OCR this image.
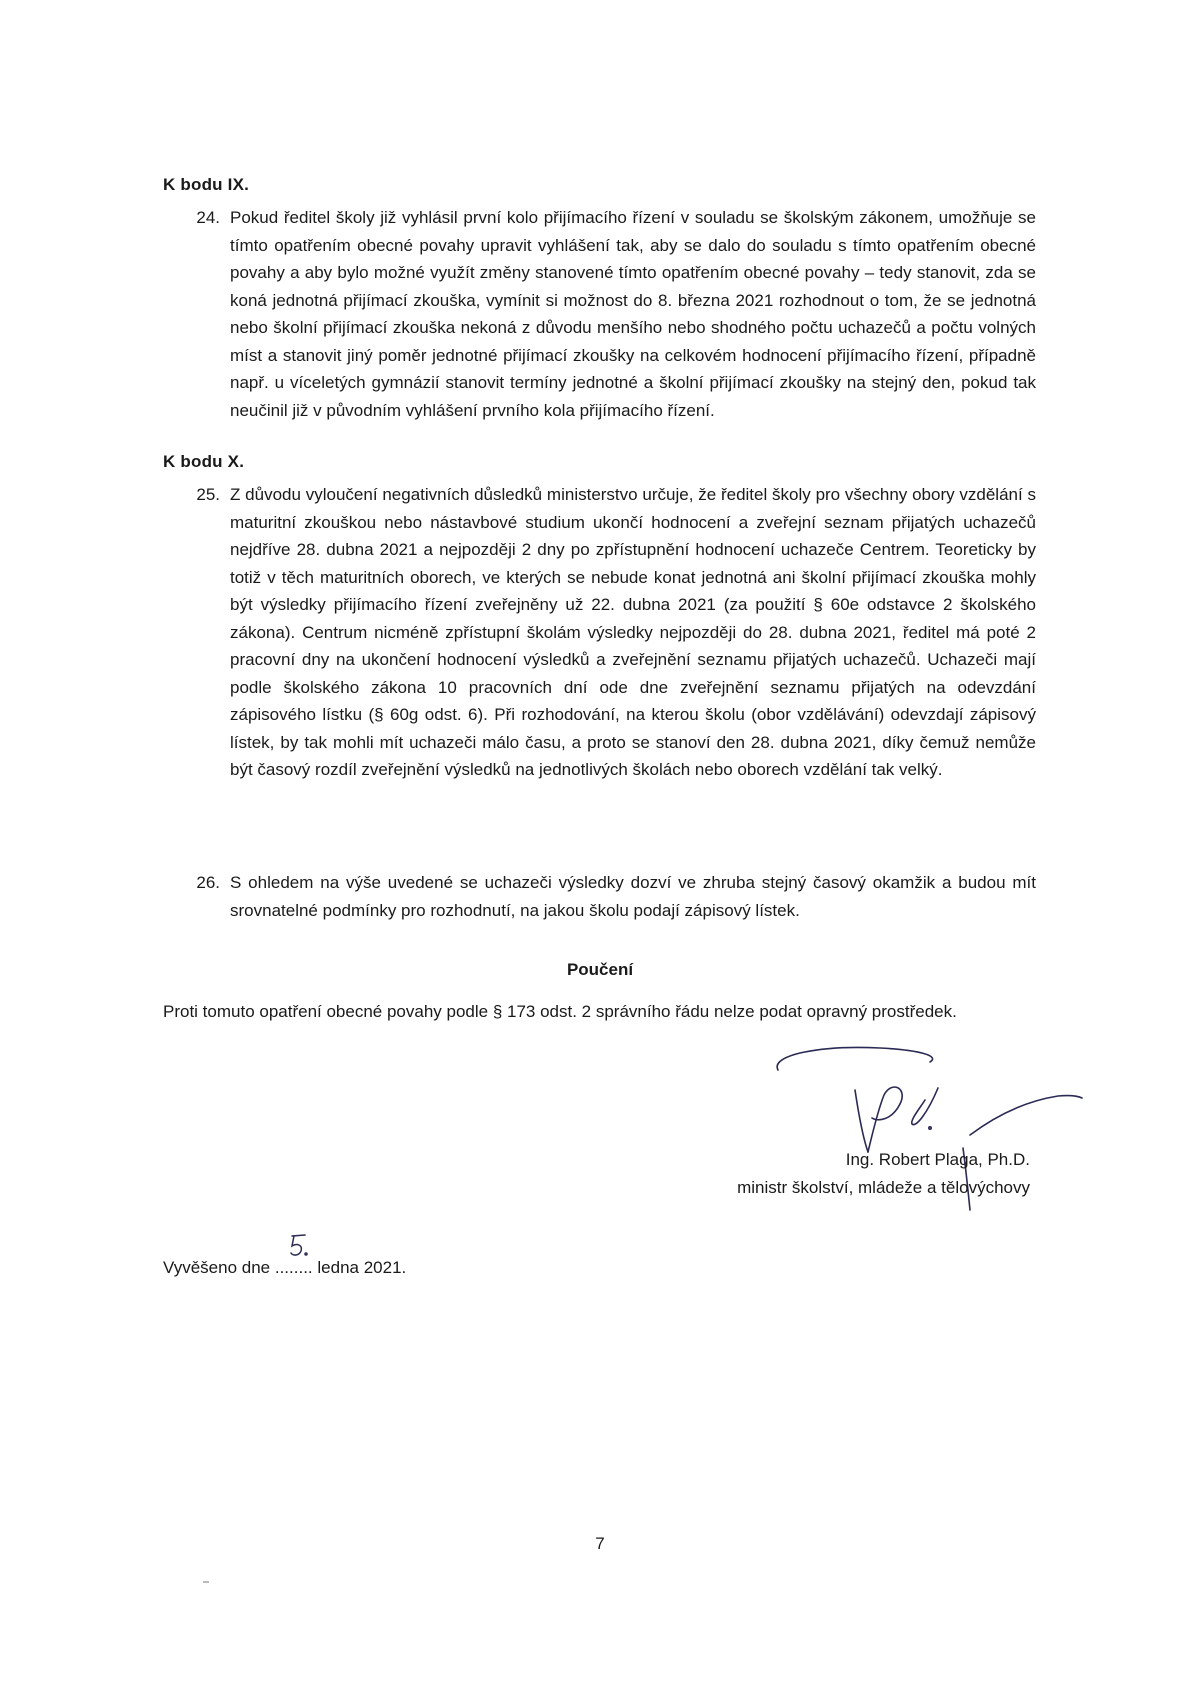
K bodu IX.
24. Pokud ředitel školy již vyhlásil první kolo přijímacího řízení v souladu se školským zákonem, umožňuje se tímto opatřením obecné povahy upravit vyhlášení tak, aby se dalo do souladu s tímto opatřením obecné povahy a aby bylo možné využít změny stanovené tímto opatřením obecné povahy – tedy stanovit, zda se koná jednotná přijímací zkouška, vymínit si možnost do 8. března 2021 rozhodnout o tom, že se jednotná nebo školní přijímací zkouška nekoná z důvodu menšího nebo shodného počtu uchazečů a počtu volných míst a stanovit jiný poměr jednotné přijímací zkoušky na celkovém hodnocení přijímacího řízení, případně např. u víceletých gymnázií stanovit termíny jednotné a školní přijímací zkoušky na stejný den, pokud tak neučinil již v původním vyhlášení prvního kola přijímacího řízení.
K bodu X.
25. Z důvodu vyloučení negativních důsledků ministerstvo určuje, že ředitel školy pro všechny obory vzdělání s maturitní zkouškou nebo nástavbové studium ukončí hodnocení a zveřejní seznam přijatých uchazečů nejdříve 28. dubna 2021 a nejpozději 2 dny po zpřístupnění hodnocení uchazeče Centrem. Teoreticky by totiž v těch maturitních oborech, ve kterých se nebude konat jednotná ani školní přijímací zkouška mohly být výsledky přijímacího řízení zveřejněny už 22. dubna 2021 (za použití § 60e odstavce 2 školského zákona). Centrum nicméně zpřístupní školám výsledky nejpozději do 28. dubna 2021, ředitel má poté 2 pracovní dny na ukončení hodnocení výsledků a zveřejnění seznamu přijatých uchazečů. Uchazeči mají podle školského zákona 10 pracovních dní ode dne zveřejnění seznamu přijatých na odevzdání zápisového lístku (§ 60g odst. 6). Při rozhodování, na kterou školu (obor vzdělávání) odevzdají zápisový lístek, by tak mohli mít uchazeči málo času, a proto se stanoví den 28. dubna 2021, díky čemuž nemůže být časový rozdíl zveřejnění výsledků na jednotlivých školách nebo oborech vzdělání tak velký.
26. S ohledem na výše uvedené se uchazeči výsledky dozví ve zhruba stejný časový okamžik a budou mít srovnatelné podmínky pro rozhodnutí, na jakou školu podají zápisový lístek.
Poučení
Proti tomuto opatření obecné povahy podle § 173 odst. 2 správního řádu nelze podat opravný prostředek.
Ing. Robert Plaga, Ph.D.
ministr školství, mládeže a tělovýchovy
Vyvěšeno dne ........ ledna 2021.
7
